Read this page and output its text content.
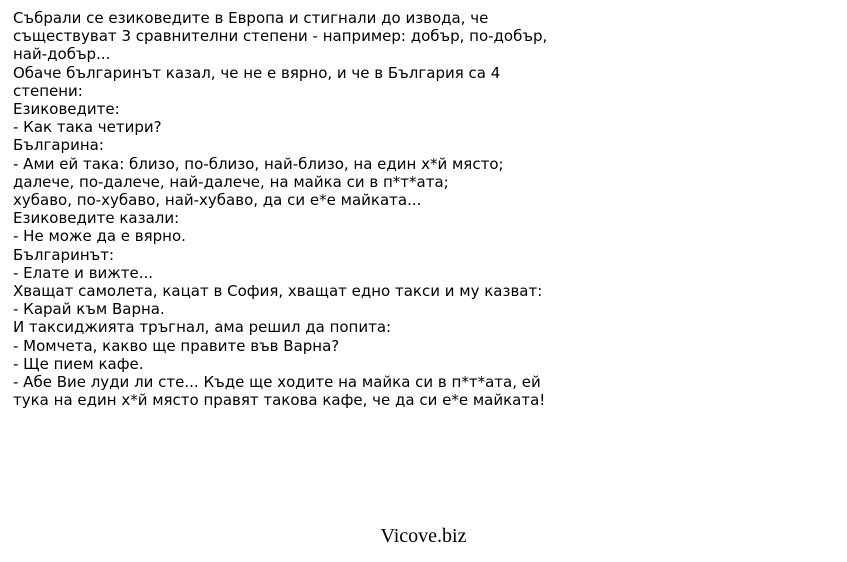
Събрали се езиковедите в Европа и стигнали до извода, че
съществуват 3 сравнителни степени - например: добър, по-добър,
най-добър...
Обаче българинът казал, че не е вярно, и че в България са 4
степени:
Езиковедите:
- Как така четири?
Българина:
- Ами ей така: близо, по-близо, най-близо, на един х*й място;
далече, по-далече, най-далече, на майка си в п*т*ата;
хубаво, по-хубаво, най-хубаво, да си е*е майката...
Езиковедите казали:
- Не може да е вярно.
Българинът:
- Елате и вижте...
Хващат самолета, кацат в София, хващат едно такси и му казват:
- Карай към Варна.
И таксиджията тръгнал, ама решил да попита:
- Момчета, какво ще правите във Варна?
- Ще пием кафе.
- Абе Вие луди ли сте... Къде ще ходите на майка си в п*т*ата, ей
тука на един х*й място правят такова кафе, че да си е*е майката!
Vicove.biz
